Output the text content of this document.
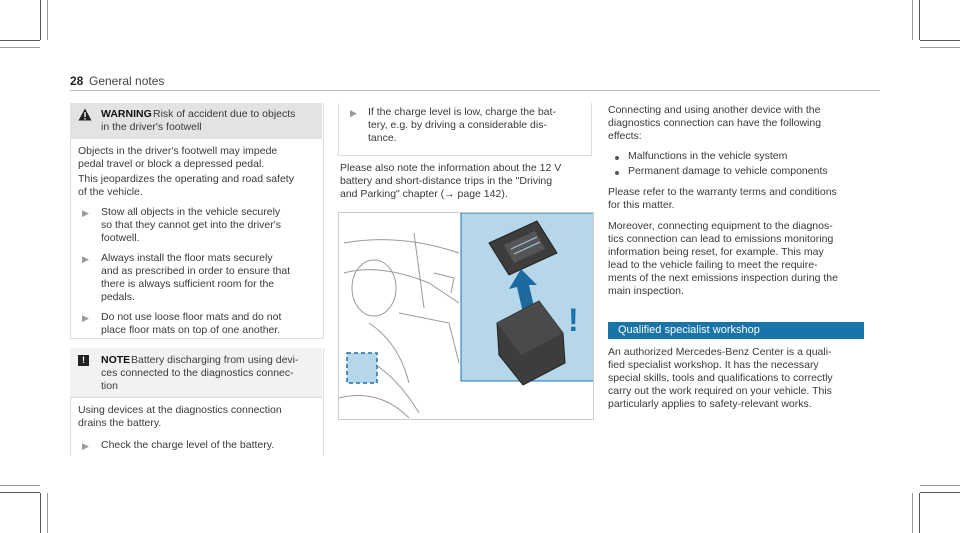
28 General notes
WARNING Risk of accident due to objects
in the driver's footwell
Objects in the driver's footwell may impede
pedal travel or block a depressed pedal.
This jeopardizes the operating and road safety
of the vehicle.
▶ Stow all objects in the vehicle securely
so that they cannot get into the driver's
footwell.
▶ Always install the floor mats securely
and as prescribed in order to ensure that
there is always sufficient room for the
pedals.
▶ Do not use loose floor mats and do not
place floor mats on top of one another.
!	NOTE Battery discharging from using devi-
ces connected to the diagnostics connec-
tion
Using devices at the diagnostics connection
drains the battery.
▶ Check the charge level of the battery.
▶ If the charge level is low, charge the bat-
tery, e.g. by driving a considerable dis-
tance.
Please also note the information about the 12 V
battery and short-distance trips in the "Driving
and Parking" chapter (→ page 142).
!
Connecting and using another device with the
diagnostics connection can have the following
effects:
Malfunctions in the vehicle system
Permanent damage to vehicle components
Please refer to the warranty terms and conditions
for this matter.
Moreover, connecting equipment to the diagnos-
tics connection can lead to emissions monitoring
information being reset, for example. This may
lead to the vehicle failing to meet the require-
ments of the next emissions inspection during the
main inspection.
Qualified specialist workshop
An authorized Mercedes-Benz Center is a quali-
fied specialist workshop. It has the necessary
special skills, tools and qualifications to correctly
carry out the work required on your vehicle. This
particularly applies to safety-relevant works.
